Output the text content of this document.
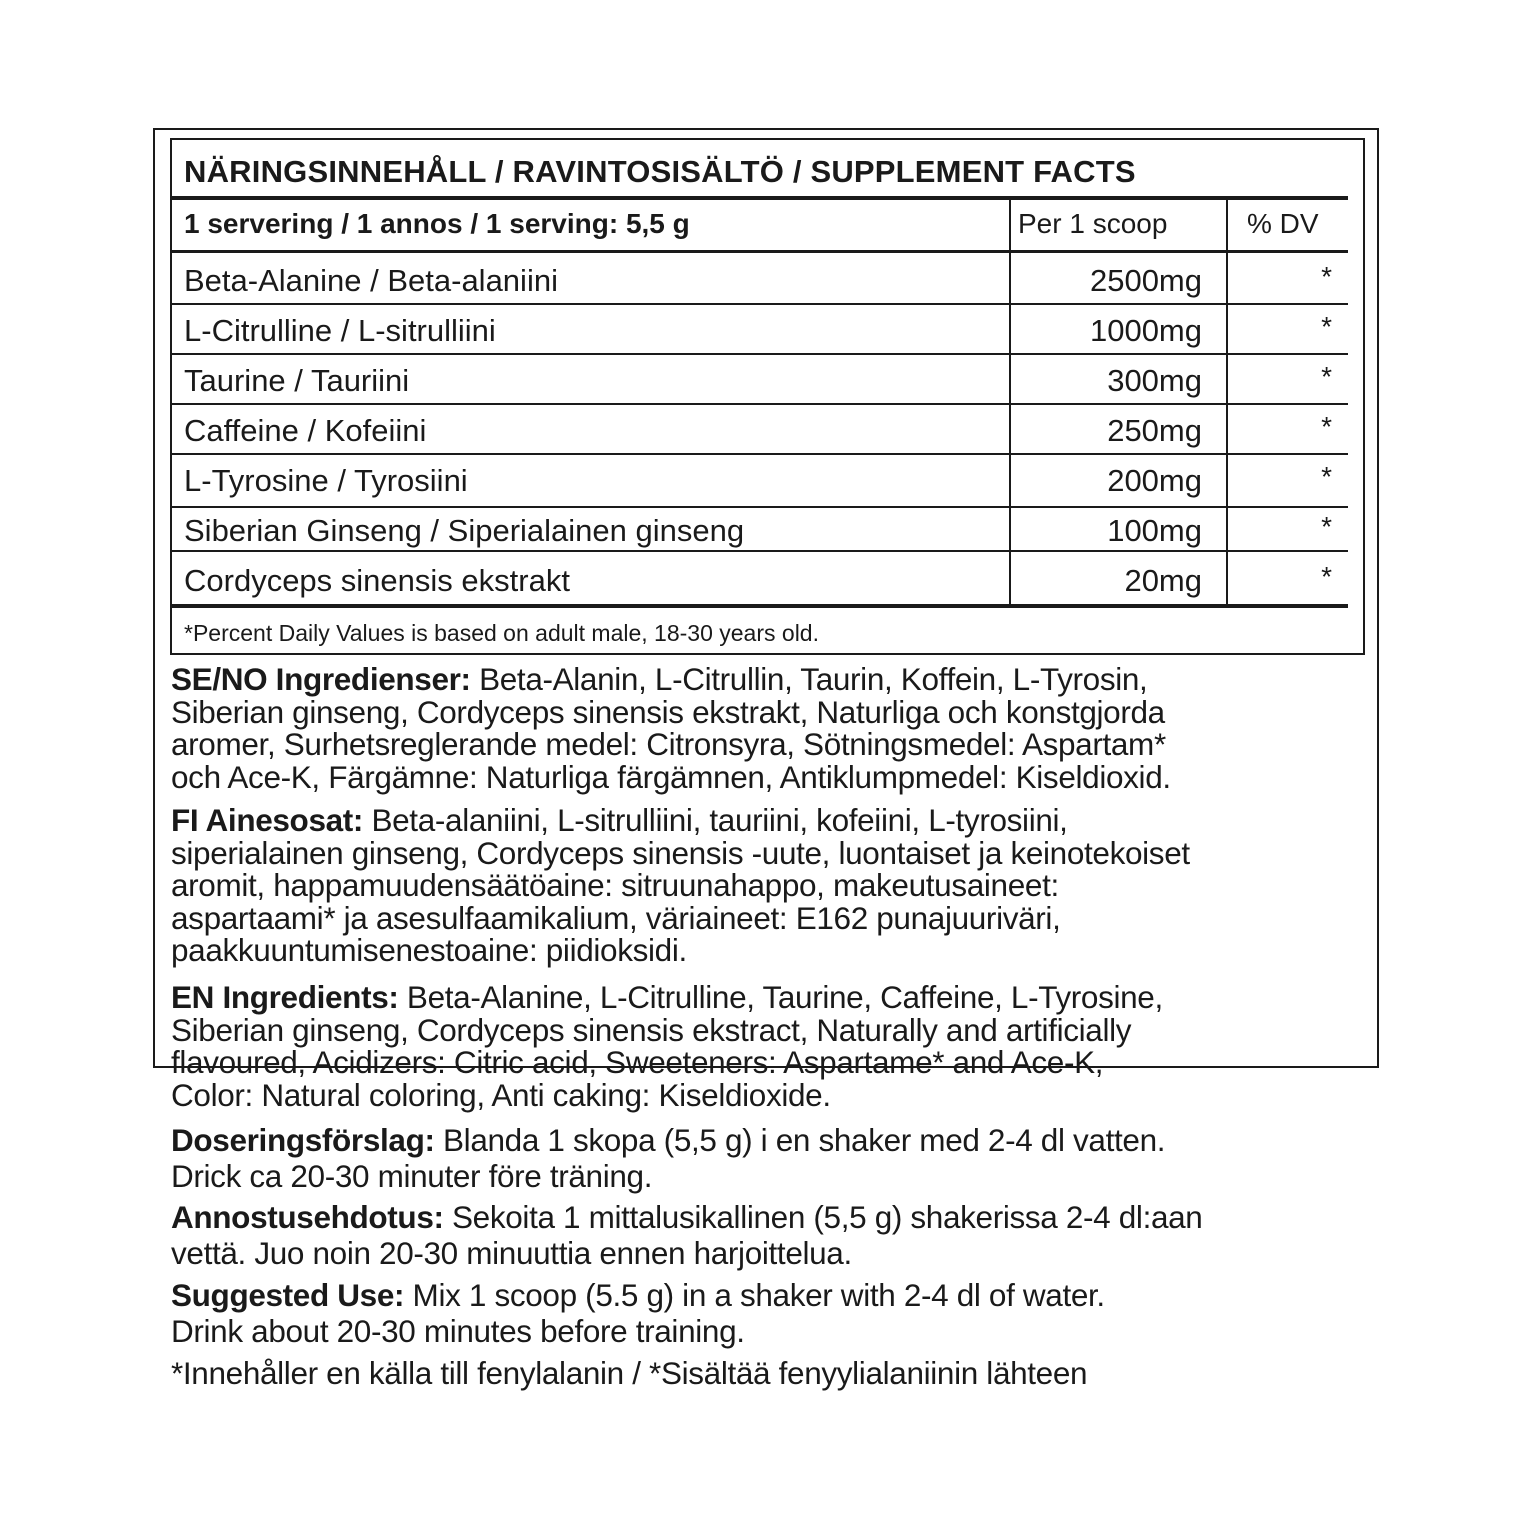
NÄRINGSINNEHÅLL / RAVINTOSISÄLTÖ / SUPPLEMENT FACTS
1 servering / 1 annos / 1 serving: 5,5 g	Per 1 scoop	% DV
Beta-Alanine / Beta-alaniini	2500mg	*
L-Citrulline / L-sitrulliini	1000mg	*
Taurine / Tauriini	300mg	*
Caffeine / Kofeiini	250mg	*
L-Tyrosine / Tyrosiini	200mg	*
Siberian Ginseng / Siperialainen ginseng	100mg	*
Cordyceps sinensis ekstrakt	20mg	*
*Percent Daily Values is based on adult male, 18-30 years old.

SE/NO Ingredienser: Beta-Alanin, L-Citrullin, Taurin, Koffein, L-Tyrosin,
Siberian ginseng, Cordyceps sinensis ekstrakt, Naturliga och konstgjorda
aromer, Surhetsreglerande medel: Citronsyra, Sötningsmedel: Aspartam*
och Ace-K, Färgämne: Naturliga färgämnen, Antiklumpmedel: Kiseldioxid.

FI Ainesosat: Beta-alaniini, L-sitrulliini, tauriini, kofeiini, L-tyrosiini,
siperialainen ginseng, Cordyceps sinensis -uute, luontaiset ja keinotekoiset
aromit, happamuudensäätöaine: sitruunahappo, makeutusaineet:
aspartaami* ja asesulfaamikalium, väriaineet: E162 punajuuriväri,
paakkuuntumisenestoaine: piidioksidi.

EN Ingredients: Beta-Alanine, L-Citrulline, Taurine, Caffeine, L-Tyrosine,
Siberian ginseng, Cordyceps sinensis ekstract, Naturally and artificially
flavoured, Acidizers: Citric acid, Sweeteners: Aspartame* and Ace-K,
Color: Natural coloring, Anti caking: Kiseldioxide.

Doseringsförslag: Blanda 1 skopa (5,5 g) i en shaker med 2-4 dl vatten.
Drick ca 20-30 minuter före träning.

Annostusehdotus: Sekoita 1 mittalusikallinen (5,5 g) shakerissa 2-4 dl:aan
vettä. Juo noin 20-30 minuuttia ennen harjoittelua.

Suggested Use: Mix 1 scoop (5.5 g) in a shaker with 2-4 dl of water.
Drink about 20-30 minutes before training.

*Innehåller en källa till fenylalanin / *Sisältää fenyylialaniinin lähteen
